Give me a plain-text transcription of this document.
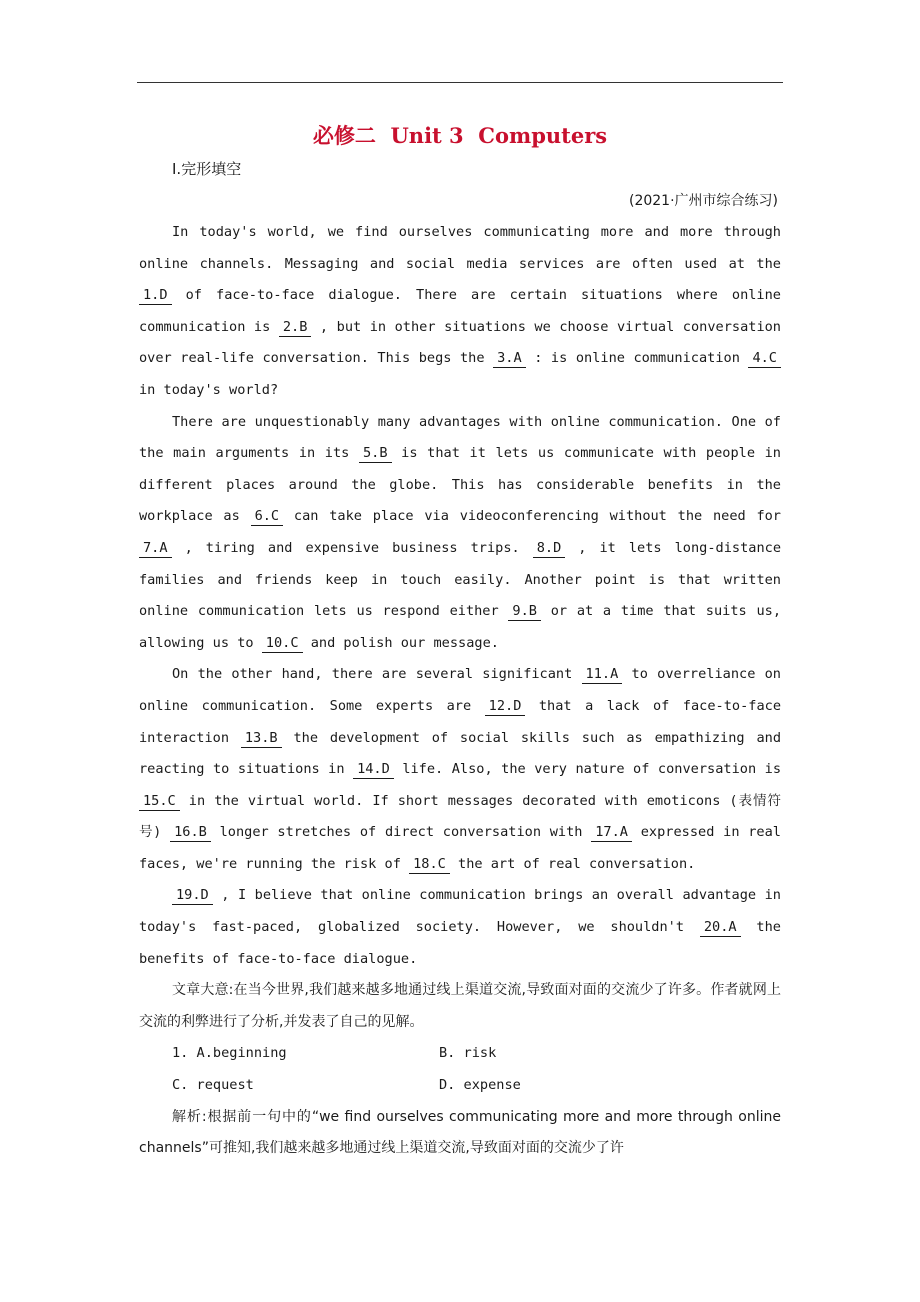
必修二  Unit 3  Computers
Ⅰ.完形填空
(2021·广州市综合练习)

In today's world, we find ourselves communicating more and more through online channels. Messaging and social media services are often used at the 1.D of face-to-face dialogue. There are certain situations where online communication is 2.B , but in other situations we choose virtual conversation over real-life conversation. This begs the 3.A : is online communication 4.C in today's world?

There are unquestionably many advantages with online communication. One of the main arguments in its 5.B is that it lets us communicate with people in different places around the globe. This has considerable benefits in the workplace as 6.C can take place via videoconferencing without the need for 7.A , tiring and expensive business trips. 8.D , it lets long-distance families and friends keep in touch easily. Another point is that written online communication lets us respond either 9.B or at a time that suits us, allowing us to 10.C and polish our message.

On the other hand, there are several significant 11.A to overreliance on online communication. Some experts are 12.D that a lack of face-to-face interaction 13.B the development of social skills such as empathizing and reacting to situations in 14.D life. Also, the very nature of conversation is 15.C in the virtual world. If short messages decorated with emoticons (表情符号) 16.B longer stretches of direct conversation with 17.A expressed in real faces, we're running the risk of 18.C the art of real conversation.

19.D , I believe that online communication brings an overall advantage in today's fast-paced, globalized society. However, we shouldn't 20.A the benefits of face-to-face dialogue.

文章大意:在当今世界,我们越来越多地通过线上渠道交流,导致面对面的交流少了许多。作者就网上交流的利弊进行了分析,并发表了自己的见解。

1. A.beginning	B. risk
C. request	D. expense

解析:根据前一句中的“we find ourselves communicating more and more through online channels”可推知,我们越来越多地通过线上渠道交流,导致面对面的交流少了许
